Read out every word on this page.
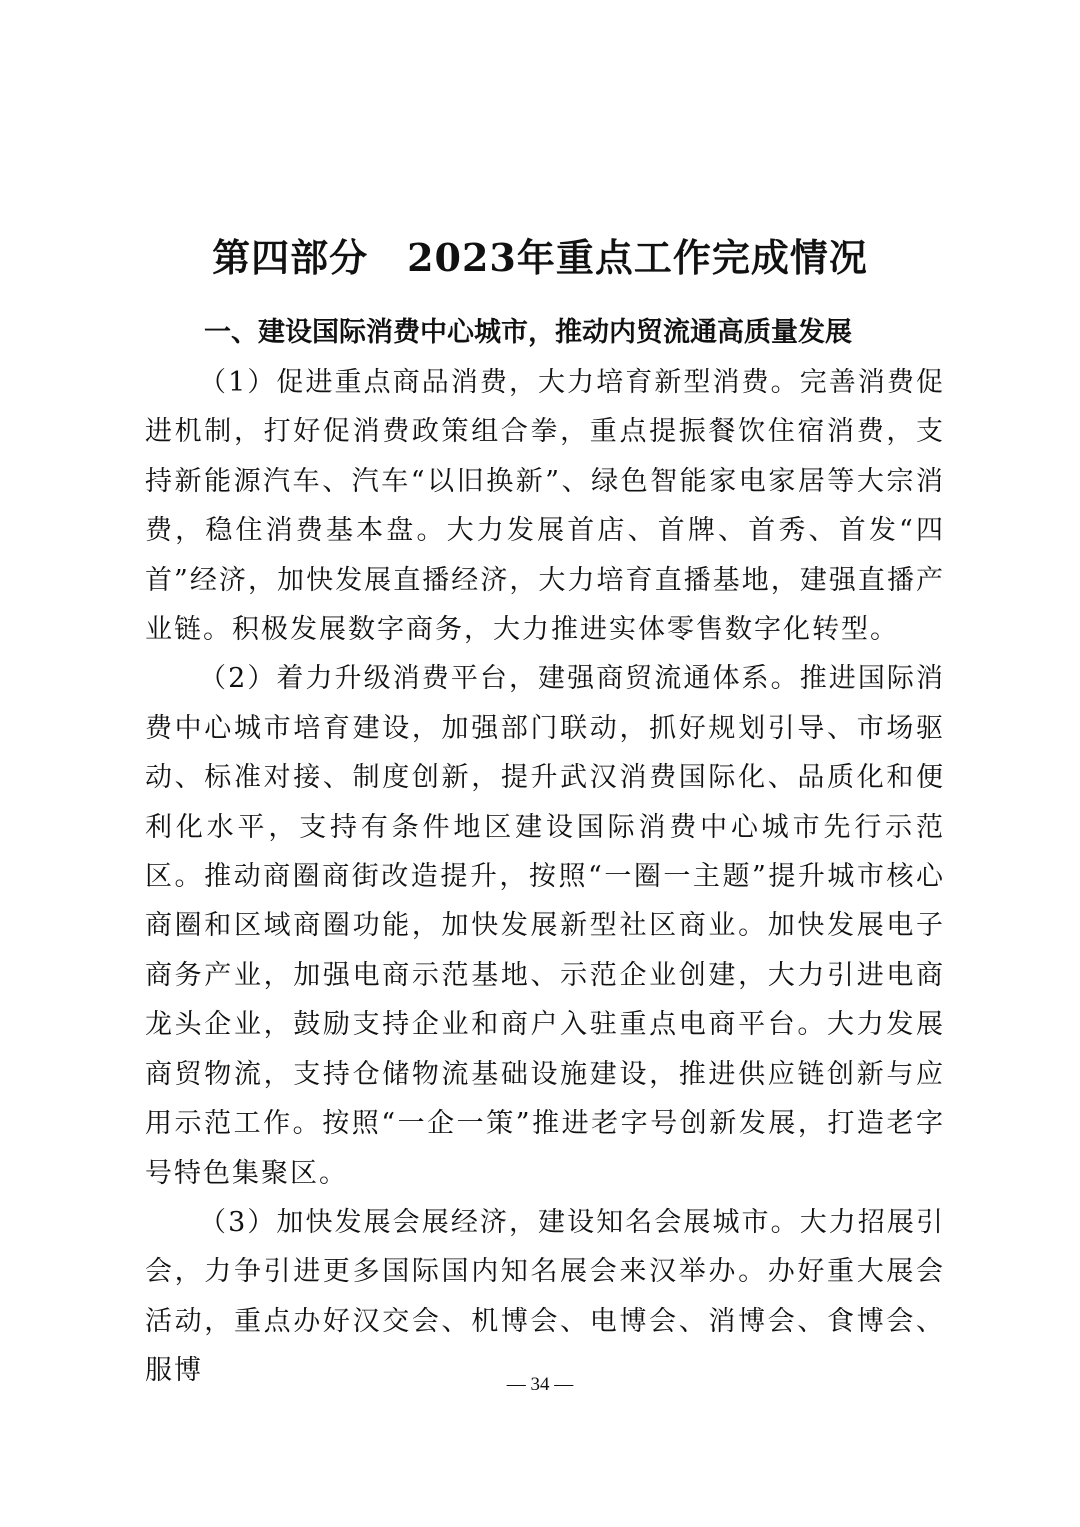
第四部分　2023年重点工作完成情况
一、建设国际消费中心城市，推动内贸流通高质量发展

（1）促进重点商品消费，大力培育新型消费。完善消费促进机制，打好促消费政策组合拳，重点提振餐饮住宿消费，支持新能源汽车、汽车“以旧换新”、绿色智能家电家居等大宗消费，稳住消费基本盘。大力发展首店、首牌、首秀、首发“四首”经济，加快发展直播经济，大力培育直播基地，建强直播产业链。积极发展数字商务，大力推进实体零售数字化转型。

（2）着力升级消费平台，建强商贸流通体系。推进国际消费中心城市培育建设，加强部门联动，抓好规划引导、市场驱动、标准对接、制度创新，提升武汉消费国际化、品质化和便利化水平，支持有条件地区建设国际消费中心城市先行示范区。推动商圈商街改造提升，按照“一圈一主题”提升城市核心商圈和区域商圈功能，加快发展新型社区商业。加快发展电子商务产业，加强电商示范基地、示范企业创建，大力引进电商龙头企业，鼓励支持企业和商户入驻重点电商平台。大力发展商贸物流，支持仓储物流基础设施建设，推进供应链创新与应用示范工作。按照“一企一策”推进老字号创新发展，打造老字号特色集聚区。

（3）加快发展会展经济，建设知名会展城市。大力招展引会，力争引进更多国际国内知名展会来汉举办。办好重大展会活动，重点办好汉交会、机博会、电博会、消博会、食博会、服博	— 34 —
